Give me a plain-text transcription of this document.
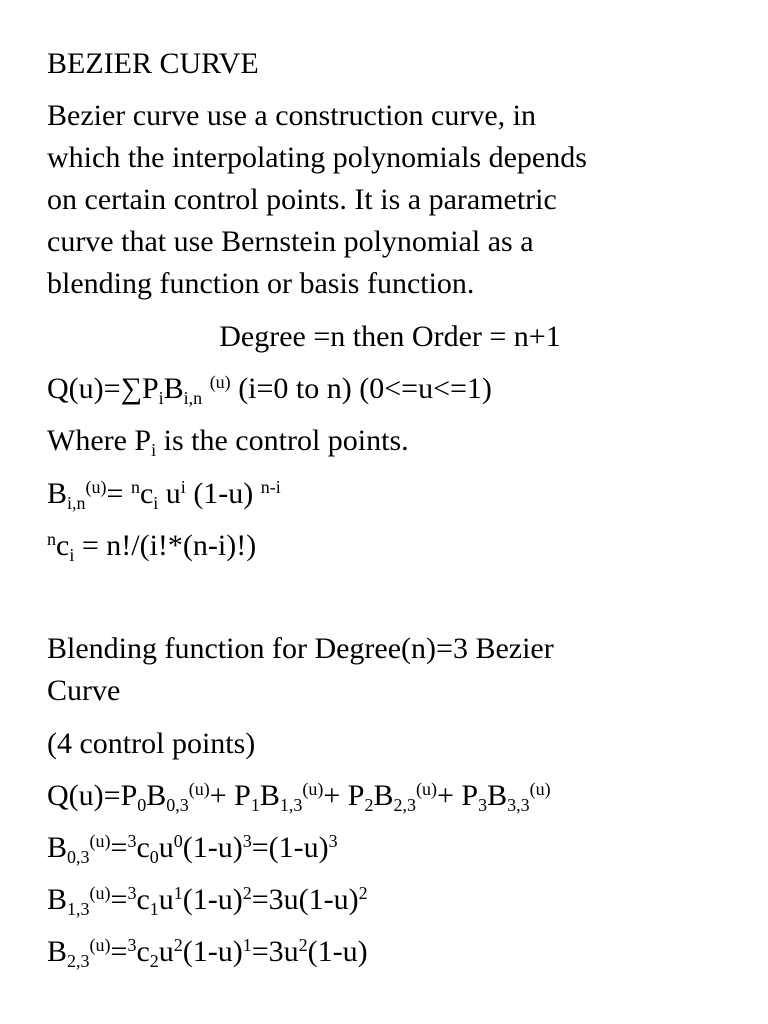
BEZIER CURVE

Bezier curve use a construction curve, in

which the interpolating polynomials depends

on certain control points. It is a parametric

curve that use Bernstein polynomial as a

blending function or basis function.

Degree =n then Order = n+1

$Q(u)=\sum P_iB_{i,n}$ $^{(u)}$ (i=0 to n) (0<=u<=1)

Where $P_i$ is the control points.

$B_{i,n}^{(u)}= ^nc_i$ $u^i$ (1-u) $^{n-i}$

$^nc_i = n!/(i!*(n-i)!)$

Blending function for Degree(n)=3 Bezier

Curve

(4 control points)

$Q(u)=P_0B_{0,3}^{(u)}+ P_1B_{1,3}^{(u)}+ P_2B_{2,3}^{(u)}+ P_3B_{3,3}^{(u)}$

$B_{0,3}^{(u)}=^3c_0u^0(1-u)^3=(1-u)^3$

$B_{1,3}^{(u)}=^3c_1u^1(1-u)^2=3u(1-u)^2$

$B_{2,3}^{(u)}=^3c_2u^2(1-u)^1=3u^2(1-u)$
